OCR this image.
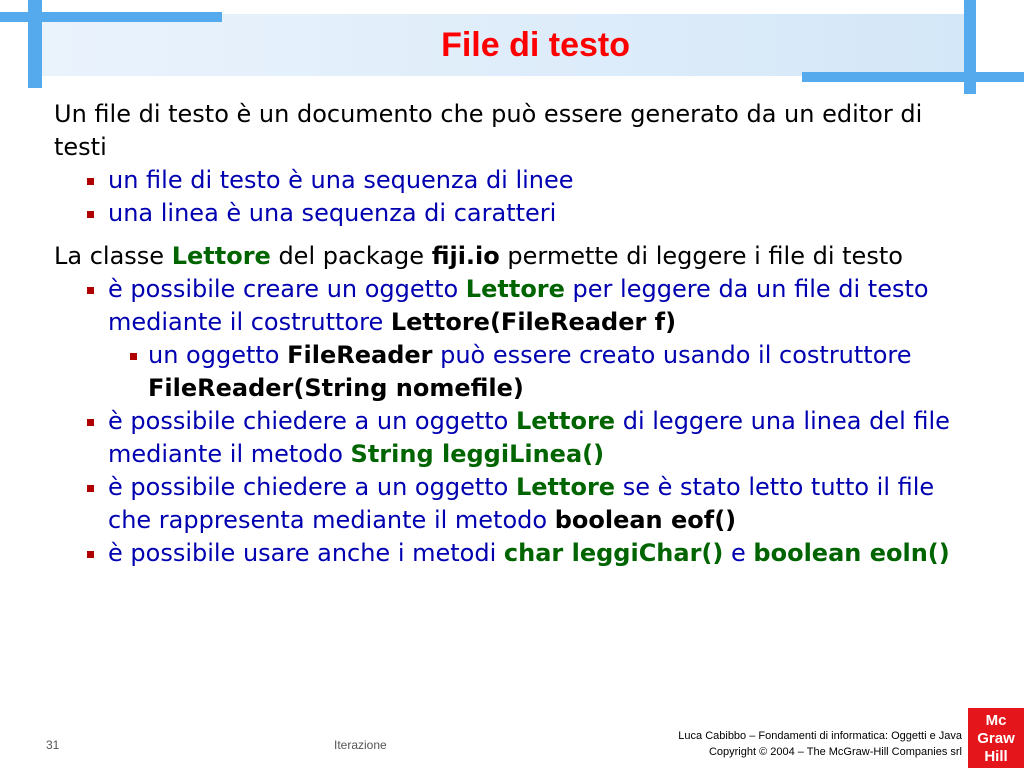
File di testo

Un file di testo è un documento che può essere generato da un editor di testi

un file di testo è una sequenza di linee
una linea è una sequenza di caratteri

La classe Lettore del package fiji.io permette di leggere i file di testo

è possibile creare un oggetto Lettore per leggere da un file di testo mediante il costruttore Lettore(FileReader f)
un oggetto FileReader può essere creato usando il costruttore FileReader(String nomefile)
è possibile chiedere a un oggetto Lettore di leggere una linea del file mediante il metodo String leggiLinea()
è possibile chiedere a un oggetto Lettore se è stato letto tutto il file che rappresenta mediante il metodo boolean eof()
è possibile usare anche i metodi char leggiChar() e boolean eoln()
31	Iterazione
Luca Cabibbo – Fondamenti di informatica: Oggetti e Java
Copyright © 2004 – The McGraw-Hill Companies srl
Mc
Graw
Hill
